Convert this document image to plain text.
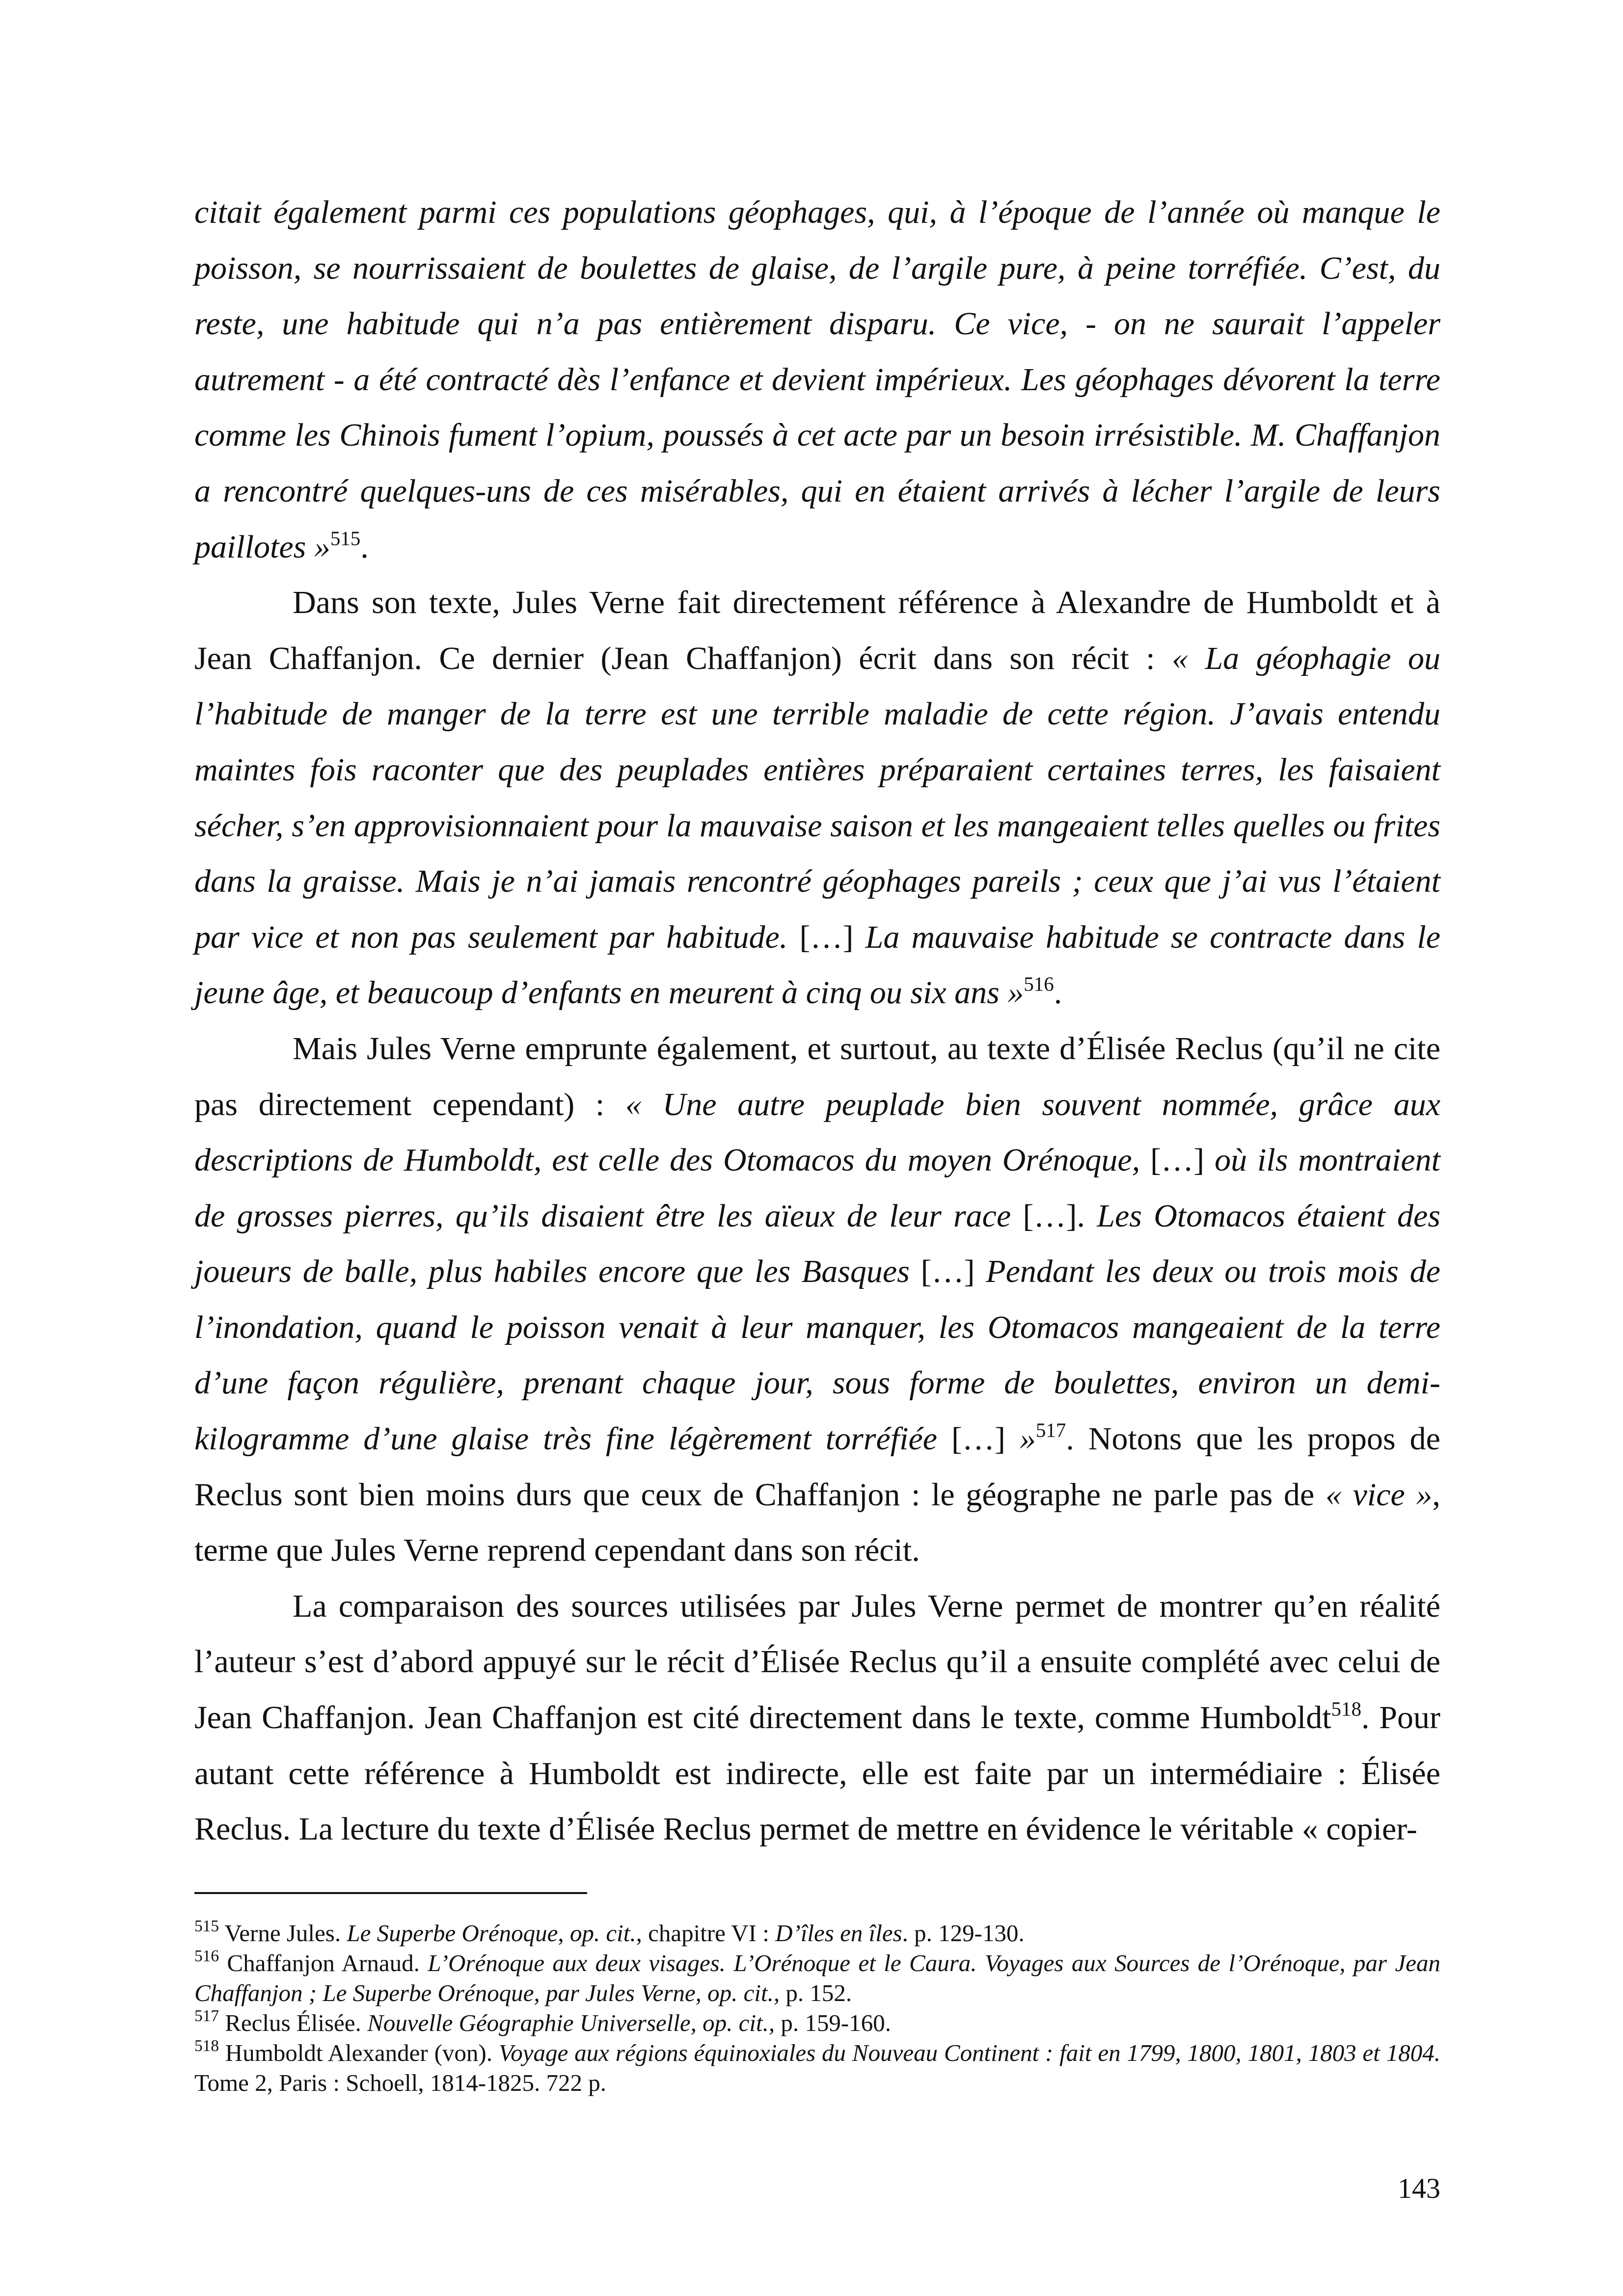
citait également parmi ces populations géophages, qui, à l’époque de l’année où manque le poisson, se nourrissaient de boulettes de glaise, de l’argile pure, à peine torréfiée. C’est, du reste, une habitude qui n’a pas entièrement disparu. Ce vice, - on ne saurait l’appeler autrement - a été contracté dès l’enfance et devient impérieux. Les géophages dévorent la terre comme les Chinois fument l’opium, poussés à cet acte par un besoin irrésistible. M. Chaffanjon a rencontré quelques-uns de ces misérables, qui en étaient arrivés à lécher l’argile de leurs paillotes »$^{515}$.

Dans son texte, Jules Verne fait directement référence à Alexandre de Humboldt et à Jean Chaffanjon. Ce dernier (Jean Chaffanjon) écrit dans son récit : « La géophagie ou l’habitude de manger de la terre est une terrible maladie de cette région. J’avais entendu maintes fois raconter que des peuplades entières préparaient certaines terres, les faisaient sécher, s’en approvisionnaient pour la mauvaise saison et les mangeaient telles quelles ou frites dans la graisse. Mais je n’ai jamais rencontré géophages pareils ; ceux que j’ai vus l’étaient par vice et non pas seulement par habitude. […] La mauvaise habitude se contracte dans le jeune âge, et beaucoup d’enfants en meurent à cinq ou six ans »$^{516}$.

Mais Jules Verne emprunte également, et surtout, au texte d’Élisée Reclus (qu’il ne cite pas directement cependant) : « Une autre peuplade bien souvent nommée, grâce aux descriptions de Humboldt, est celle des Otomacos du moyen Orénoque, […] où ils montraient de grosses pierres, qu’ils disaient être les aïeux de leur race […]. Les Otomacos étaient des joueurs de balle, plus habiles encore que les Basques […] Pendant les deux ou trois mois de l’inondation, quand le poisson venait à leur manquer, les Otomacos mangeaient de la terre d’une façon régulière, prenant chaque jour, sous forme de boulettes, environ un demi-kilogramme d’une glaise très fine légèrement torréfiée […] »$^{517}$. Notons que les propos de Reclus sont bien moins durs que ceux de Chaffanjon : le géographe ne parle pas de « vice », terme que Jules Verne reprend cependant dans son récit.

La comparaison des sources utilisées par Jules Verne permet de montrer qu’en réalité l’auteur s’est d’abord appuyé sur le récit d’Élisée Reclus qu’il a ensuite complété avec celui de Jean Chaffanjon. Jean Chaffanjon est cité directement dans le texte, comme Humboldt$^{518}$. Pour autant cette référence à Humboldt est indirecte, elle est faite par un intermédiaire : Élisée Reclus. La lecture du texte d’Élisée Reclus permet de mettre en évidence le véritable « copier-

$^{515}$ Verne Jules. Le Superbe Orénoque, op. cit., chapitre VI : D’îles en îles. p. 129-130.

$^{516}$ Chaffanjon Arnaud. L’Orénoque aux deux visages. L’Orénoque et le Caura. Voyages aux Sources de l’Orénoque, par Jean Chaffanjon ; Le Superbe Orénoque, par Jules Verne, op. cit., p. 152.

$^{517}$ Reclus Élisée. Nouvelle Géographie Universelle, op. cit., p. 159-160.

$^{518}$ Humboldt Alexander (von). Voyage aux régions équinoxiales du Nouveau Continent : fait en 1799, 1800, 1801, 1803 et 1804. Tome 2, Paris : Schoell, 1814-1825. 722 p.

143
